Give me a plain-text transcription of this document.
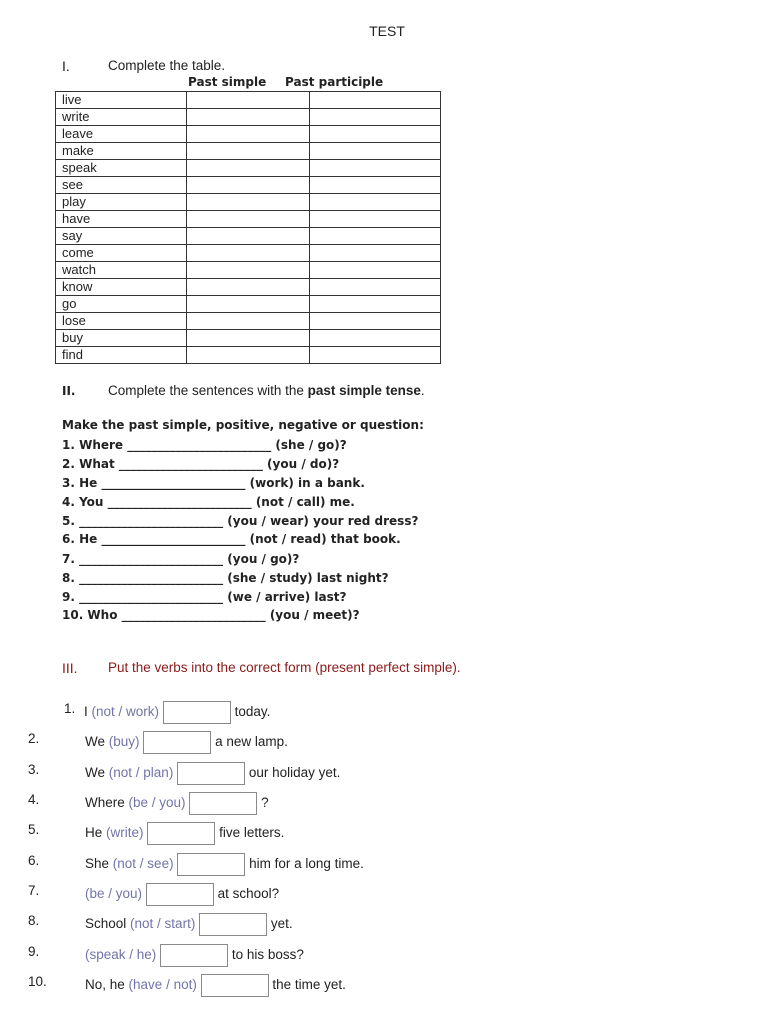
TEST
I.	Complete the table.
Past simple Past participle
live		
write		
leave		
make		
speak		
see		
play		
have		
say		
come		
watch		
know		
go		
lose		
buy		
find		
II. Complete the sentences with the past simple tense.
Make the past simple, positive, negative or question:
1. Where ________________________ (she / go)?
2. What ________________________ (you / do)?
3. He ________________________ (work) in a bank.
4. You ________________________ (not / call) me.
5. ________________________ (you / wear) your red dress?
6. He ________________________ (not / read) that book.
7. ________________________ (you / go)?
8. ________________________ (she / study) last night?
9. ________________________ (we / arrive) last?
10. Who ________________________ (you / meet)?
III. Put the verbs into the correct form (present perfect simple).
1. I (not / work)	today.
2.	We (buy)	a new lamp.
3.	We (not / plan)	our holiday yet.
4.	Where (be / you)	?
5.	He (write)	five letters.
6.	She (not / see)	him for a long time.
7.	(be / you)	at school?
8.	School (not / start)	yet.
9.	(speak / he)	to his boss?
10.	No, he (have / not)	the time yet.
